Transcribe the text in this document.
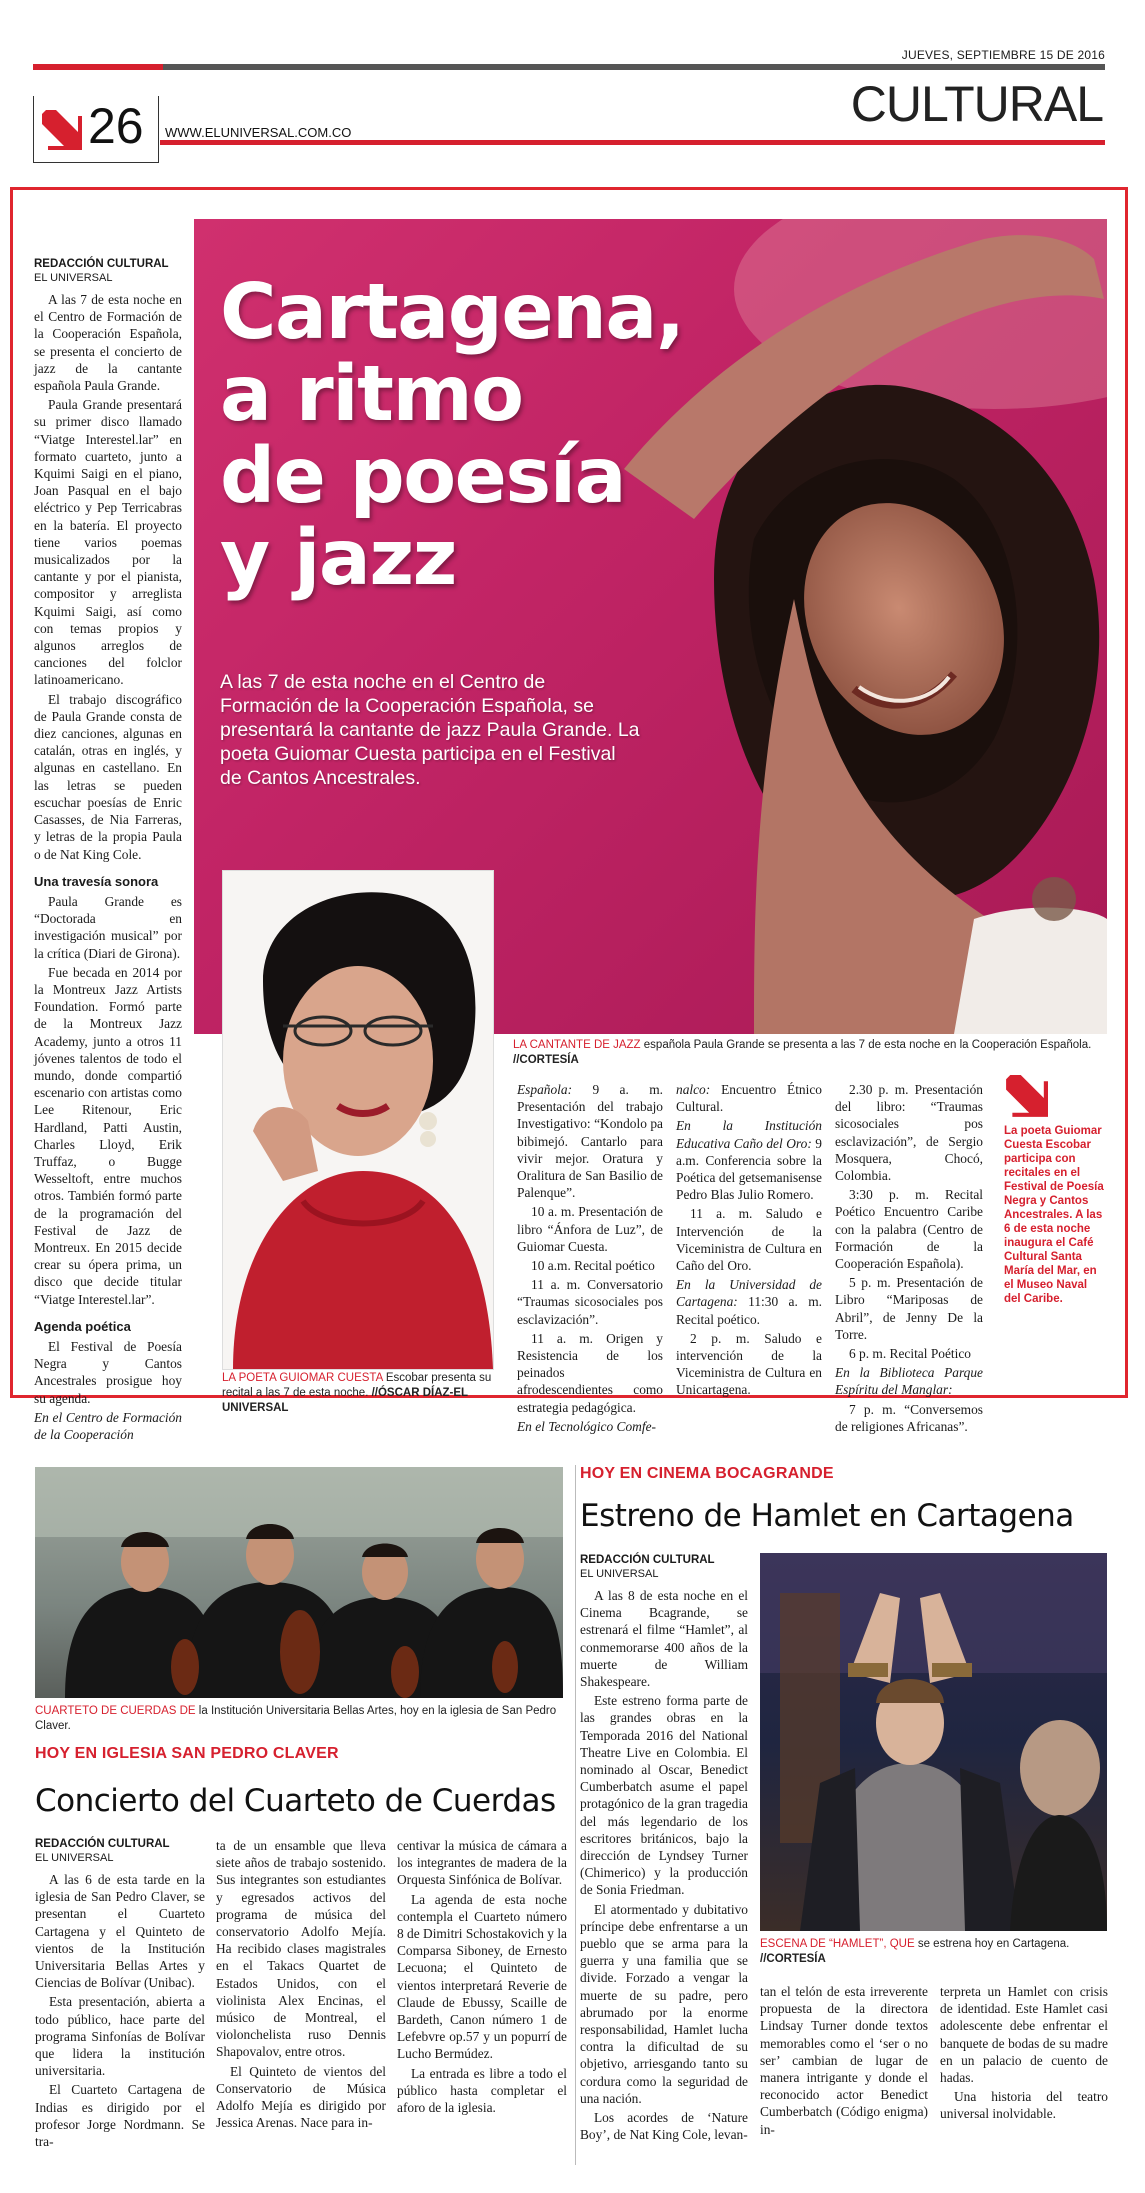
JUEVES, SEPTIEMBRE 15 DE 2016
26 WWW.ELUNIVERSAL.COM.CO
CULTURAL
Cartagena,
a ritmo
de poesía
y jazz
A las 7 de esta noche en el Centro de Formación de la Cooperación Española, se presentará la cantante de jazz Paula Grande. La poeta Guiomar Cuesta participa en el Festival de Cantos Ancestrales.
LA POETA GUIOMAR CUESTA Escobar presenta su recital a las 7 de esta noche. //ÓSCAR DÍAZ-EL UNIVERSAL
LA CANTANTE DE JAZZ española Paula Grande se presenta a las 7 de esta noche en la Cooperación Española. //CORTESÍA
REDACCIÓN CULTURAL
EL UNIVERSAL

A las 7 de esta noche en el Centro de Formación de la Cooperación Española, se presenta el concierto de jazz de la cantante española Paula Grande.

Paula Grande presentará su primer disco llamado “Viatge Interestel.lar” en formato cuarteto, junto a Kquimi Saigi en el piano, Joan Pasqual en el bajo eléctrico y Pep Terricabras en la batería. El proyecto tiene varios poemas musicalizados por la cantante y por el pianista, compositor y arreglista Kquimi Saigi, así como con temas propios y algunos arreglos de canciones del folclor latinoamericano.

El trabajo discográfico de Paula Grande consta de diez canciones, algunas en catalán, otras en inglés, y algunas en castellano. En las letras se pueden escuchar poesías de Enric Casasses, de Nia Farreras, y letras de la propia Paula o de Nat King Cole.

Una travesía sonora

Paula Grande es “Doctorada en investigación musical” por la crítica (Diari de Girona).

Fue becada en 2014 por la Montreux Jazz Artists Foundation. Formó parte de la Montreux Jazz Academy, junto a otros 11 jóvenes talentos de todo el mundo, donde compartió escenario con artistas como Lee Ritenour, Eric Hardland, Patti Austin, Charles Lloyd, Erik Truffaz, o Bugge Wesseltoft, entre muchos otros. También formó parte de la programación del Festival de Jazz de Montreux. En 2015 decide crear su ópera prima, un disco que decide titular “Viatge Interestel.lar”.

Agenda poética

El Festival de Poesía Negra y Cantos Ancestrales prosigue hoy su agenda.

En el Centro de Formación de la Cooperación

Española: 9 a. m. Presentación del trabajo Investigativo: “Kondolo pa bibimejó. Cantarlo para vivir mejor. Oratura y Oralitura de San Basilio de Palenque”.

10 a. m. Presentación de libro “Ánfora de Luz”, de Guiomar Cuesta.

10 a.m. Recital poético

11 a. m. Conversatorio “Traumas sicosociales pos esclavización”.

11 a. m. Origen y Resistencia de los peinados afrodescendientes como estrategia pedagógica.

En el Tecnológico Comfe-

nalco: Encuentro Étnico Cultural.

En la Institución Educativa Caño del Oro: 9 a.m. Conferencia sobre la Poética del getsemanisense Pedro Blas Julio Romero.

11 a. m. Saludo e Intervención de la Viceministra de Cultura en Caño del Oro.

En la Universidad de Cartagena: 11:30 a. m. Recital poético.

2 p. m. Saludo e intervención de la Viceministra de Cultura en Unicartagena.

2.30 p. m. Presentación del libro: “Traumas sicosociales pos esclavización”, de Sergio Mosquera, Chocó, Colombia.

3:30 p. m. Recital Poético Encuentro Caribe con la palabra (Centro de Formación de la Cooperación Española).

5 p. m. Presentación de Libro “Mariposas de Abril”, de Jenny De la Torre.

6 p. m. Recital Poético

En la Biblioteca Parque Espíritu del Manglar:

7 p. m. “Conversemos de religiones Africanas”.

La poeta Guiomar Cuesta Escobar participa con recitales en el Festival de Poesía Negra y Cantos Ancestrales. A las 6 de esta noche inaugura el Café Cultural Santa María del Mar, en el Museo Naval del Caribe.
CUARTETO DE CUERDAS DE la Institución Universitaria Bellas Artes, hoy en la iglesia de San Pedro Claver.
HOY EN IGLESIA SAN PEDRO CLAVER
Concierto del Cuarteto de Cuerdas
REDACCIÓN CULTURAL
EL UNIVERSAL

A las 6 de esta tarde en la iglesia de San Pedro Claver, se presentan el Cuarteto Cartagena y el Quinteto de vientos de la Institución Universitaria Bellas Artes y Ciencias de Bolívar (Unibac).

Esta presentación, abierta a todo público, hace parte del programa Sinfonías de Bolívar que lidera la institución universitaria.

El Cuarteto Cartagena de Indias es dirigido por el profesor Jorge Nordmann. Se tra-

ta de un ensamble que lleva siete años de trabajo sostenido. Sus integrantes son estudiantes y egresados activos del programa de música del conservatorio Adolfo Mejía. Ha recibido clases magistrales en el Takacs Quartet de Estados Unidos, con el violinista Alex Encinas, el músico de Montreal, el violonchelista ruso Dennis Shapovalov, entre otros.

El Quinteto de vientos del Conservatorio de Música Adolfo Mejía es dirigido por Jessica Arenas. Nace para in-

centivar la música de cámara a los integrantes de madera de la Orquesta Sinfónica de Bolívar.

La agenda de esta noche contempla el Cuarteto número 8 de Dimitri Schostakovich y la Comparsa Siboney, de Ernesto Lecuona; el Quinteto de vientos interpretará Reverie de Claude de Ebussy, Scaille de Bardeth, Canon número 1 de Lefebvre op.57 y un popurrí de Lucho Bermúdez.

La entrada es libre a todo el público hasta completar el aforo de la iglesia.

HOY EN CINEMA BOCAGRANDE
Estreno de Hamlet en Cartagena
REDACCIÓN CULTURAL
EL UNIVERSAL

A las 8 de esta noche en el Cinema Bcagrande, se estrenará el filme “Hamlet”, al conmemorarse 400 años de la muerte de William Shakespeare.

Este estreno forma parte de las grandes obras en la Temporada 2016 del National Theatre Live en Colombia. El nominado al Oscar, Benedict Cumberbatch asume el papel protagónico de la gran tragedia del más legendario de los escritores británicos, bajo la dirección de Lyndsey Turner (Chimerico) y la producción de Sonia Friedman.

El atormentado y dubitativo príncipe debe enfrentarse a un pueblo que se arma para la guerra y una familia que se divide. Forzado a vengar la muerte de su padre, pero abrumado por la enorme responsabilidad, Hamlet lucha contra la dificultad de su objetivo, arriesgando tanto su cordura como la seguridad de una nación.

Los acordes de ‘Nature Boy’, de Nat King Cole, levan-

ESCENA DE “HAMLET”, QUE se estrena hoy en Cartagena. //CORTESÍA

tan el telón de esta irreverente propuesta de la directora Lindsay Turner donde textos memorables como el ‘ser o no ser’ cambian de lugar de manera intrigante y donde el reconocido actor Benedict Cumberbatch (Código enigma) in-

terpreta un Hamlet con crisis de identidad. Este Hamlet casi adolescente debe enfrentar el banquete de bodas de su madre en un palacio de cuento de hadas.

Una historia del teatro universal inolvidable.
